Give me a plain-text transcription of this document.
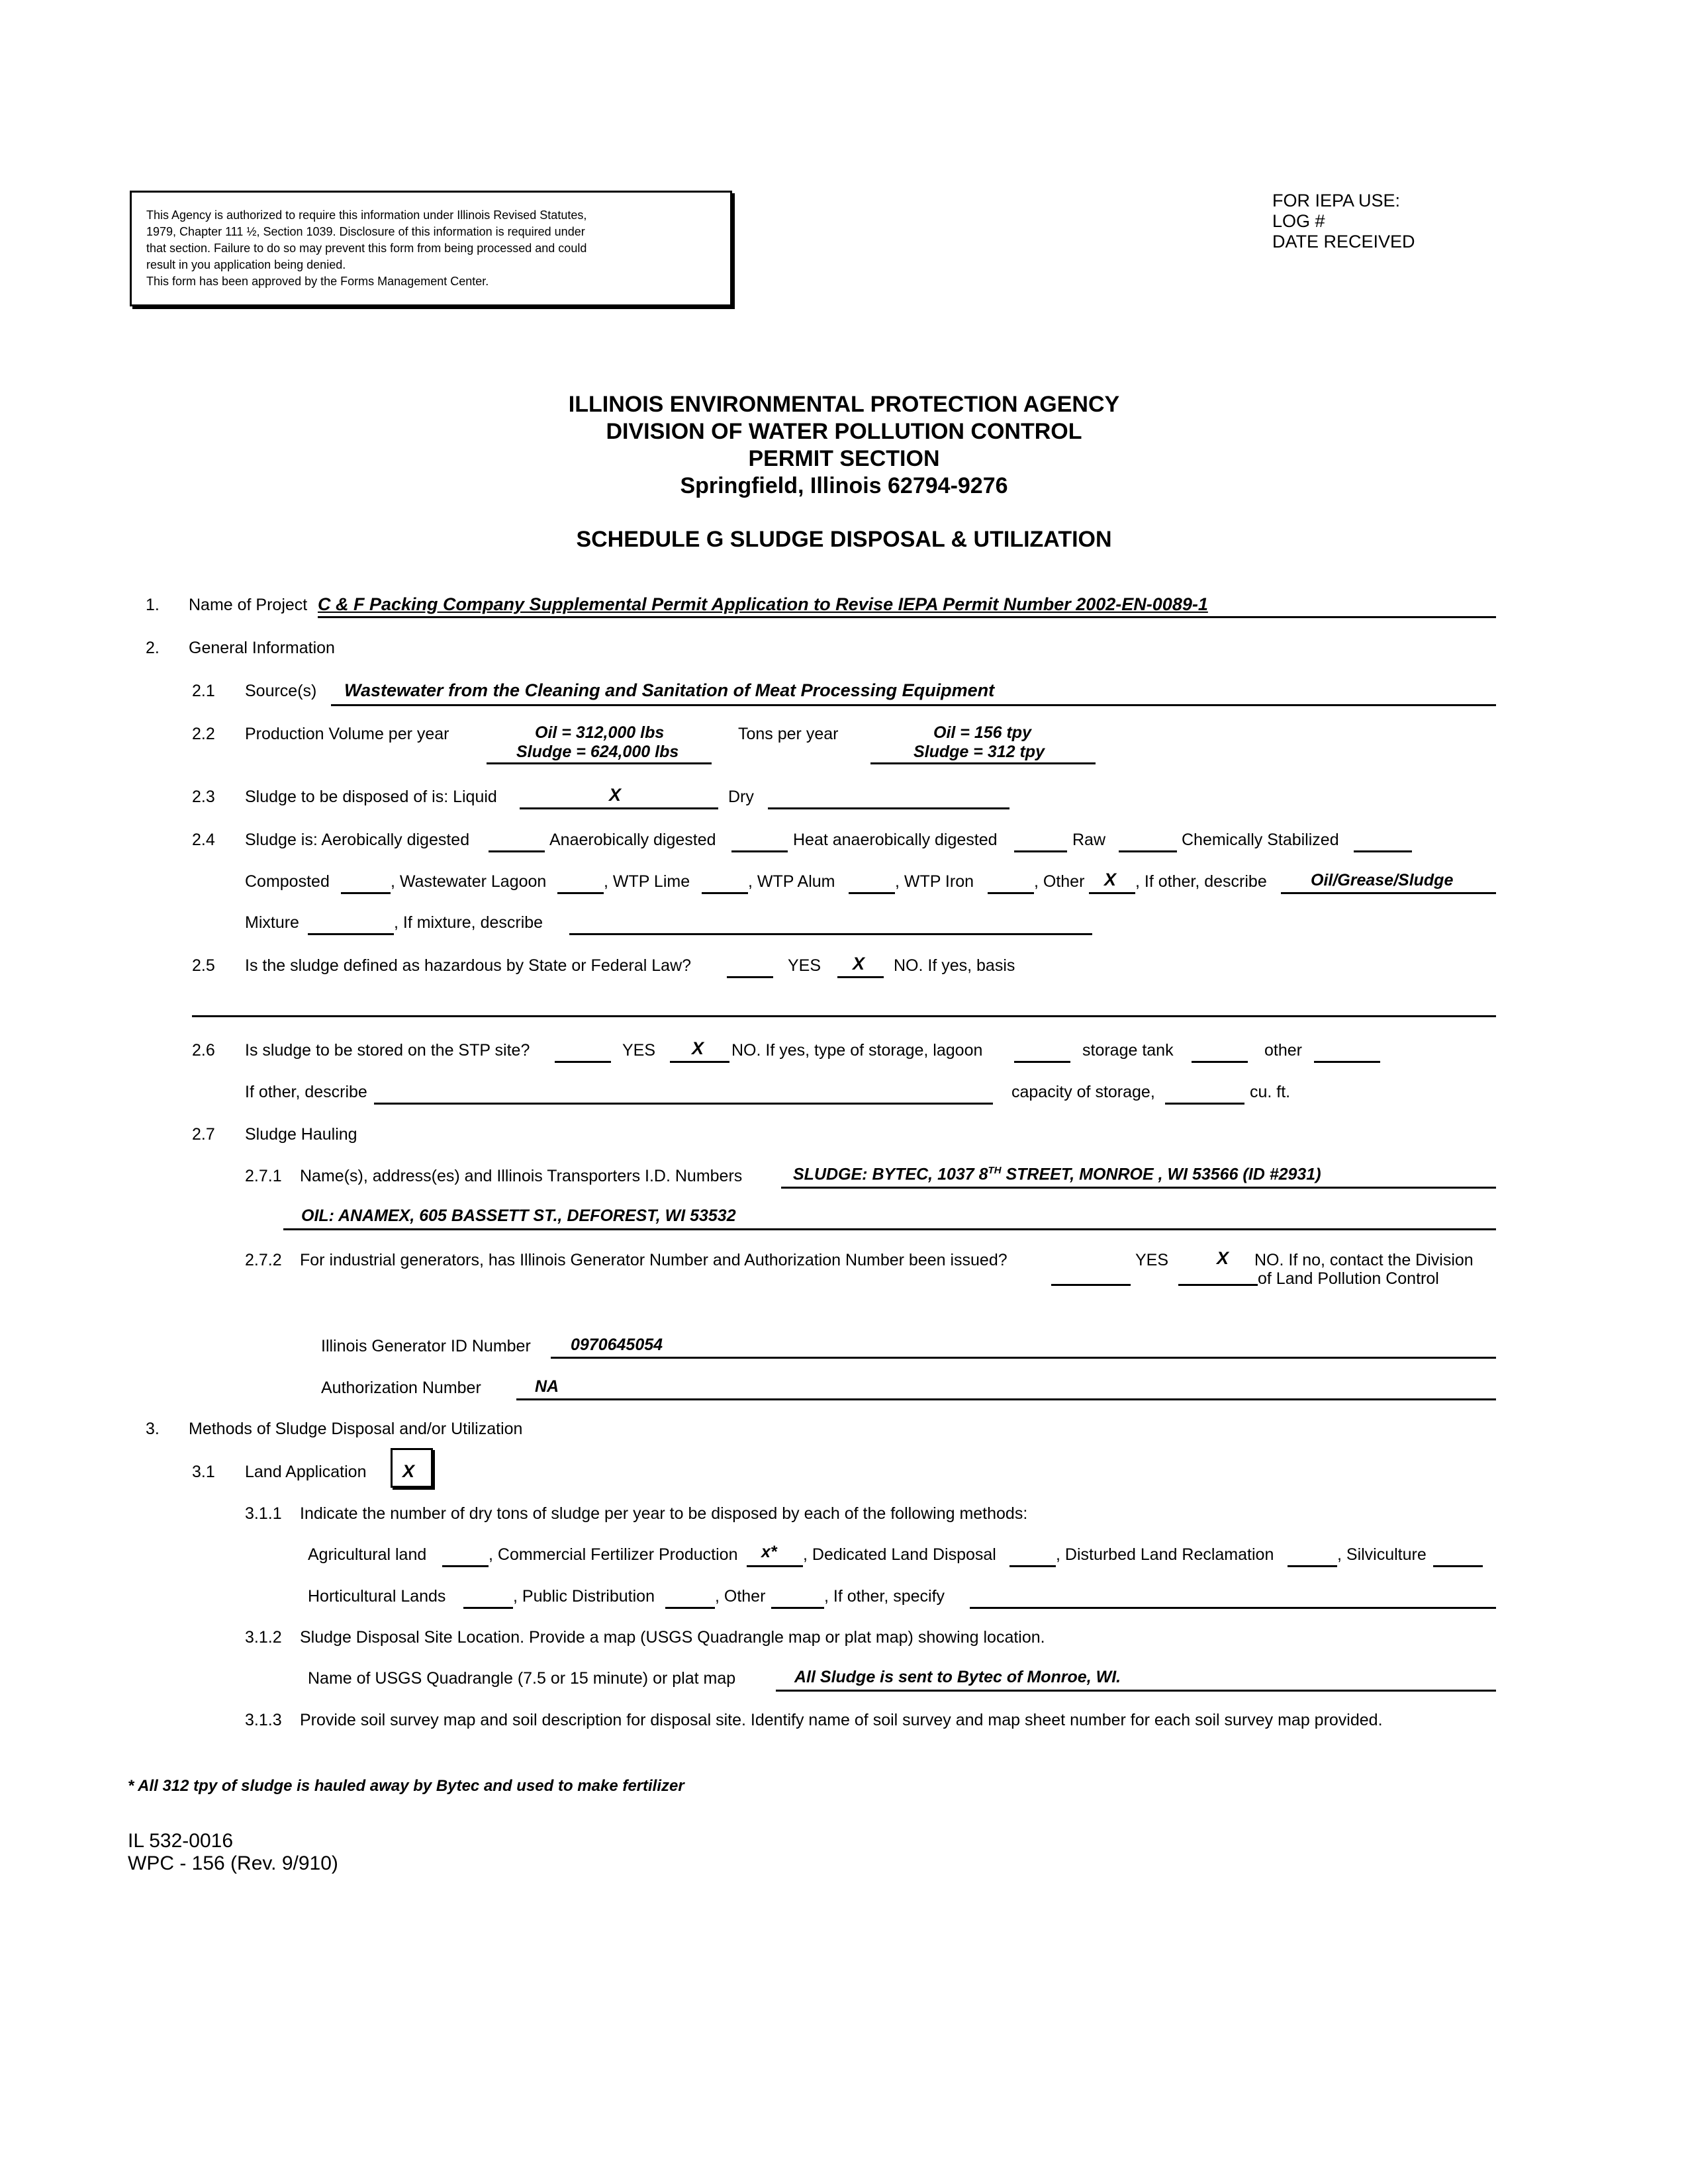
This Agency is authorized to require this information under Illinois Revised Statutes,
1979, Chapter 111 ½, Section 1039. Disclosure of this information is required under
that section. Failure to do so may prevent this form from being processed and could
result in you application being denied.
This form has been approved by the Forms Management Center.
FOR IEPA USE:
LOG #
DATE RECEIVED
ILLINOIS ENVIRONMENTAL PROTECTION AGENCY
DIVISION OF WATER POLLUTION CONTROL
PERMIT SECTION
Springfield, Illinois 62794-9276
SCHEDULE G SLUDGE DISPOSAL & UTILIZATION
1. Name of Project C & F Packing Company Supplemental Permit Application to Revise IEPA Permit Number 2002-EN-0089-1
2. General Information
2.1 Source(s) Wastewater from the Cleaning and Sanitation of Meat Processing Equipment
2.2 Production Volume per year	Oil = 312,000 lbs
Sludge = 624,000 lbs
Tons per year	Oil = 156 tpy
Sludge = 312 tpy
2.3 Sludge to be disposed of is: Liquid	X	Dry
2.4 Sludge is: Aerobically digested	Anaerobically digested	Heat anaerobically digested	Raw	Chemically Stabilized
Composted	, Wastewater Lagoon	, WTP Lime	, WTP Alum	, WTP Iron	, Other X , If other, describe	Oil/Grease/Sludge
Mixture	, If mixture, describe
2.5 Is the sludge defined as hazardous by State or Federal Law?	YES X NO. If yes, basis
2.6 Is sludge to be stored on the STP site?	YES X NO. If yes, type of storage, lagoon	storage tank	other
If other, describe	capacity of storage,	cu. ft.
2.7 Sludge Hauling
2.7.1 Name(s), address(es) and Illinois Transporters I.D. Numbers	SLUDGE: BYTEC, 1037 8TH STREET, MONROE , WI 53566 (ID #2931)
OIL: ANAMEX, 605 BASSETT ST., DEFOREST, WI 53532
2.7.2 For industrial generators, has Illinois Generator Number and Authorization Number been issued?	YES	X NO. If no, contact the Division
of Land Pollution Control
Illinois Generator ID Number 0970645054
Authorization Number	NA
3. Methods of Sludge Disposal and/or Utilization
3.1 Land Application X
3.1.1 Indicate the number of dry tons of sludge per year to be disposed by each of the following methods:
Agricultural land	, Commercial Fertilizer Production x* , Dedicated Land Disposal	, Disturbed Land Reclamation	, Silviculture
Horticultural Lands	, Public Distribution	, Other	, If other, specify
3.1.2 Sludge Disposal Site Location. Provide a map (USGS Quadrangle map or plat map) showing location.
Name of USGS Quadrangle (7.5 or 15 minute) or plat map	All Sludge is sent to Bytec of Monroe, WI.
3.1.3 Provide soil survey map and soil description for disposal site. Identify name of soil survey and map sheet number for each soil survey map provided.
* All 312 tpy of sludge is hauled away by Bytec and used to make fertilizer
IL 532-0016
WPC - 156 (Rev. 9/910)
